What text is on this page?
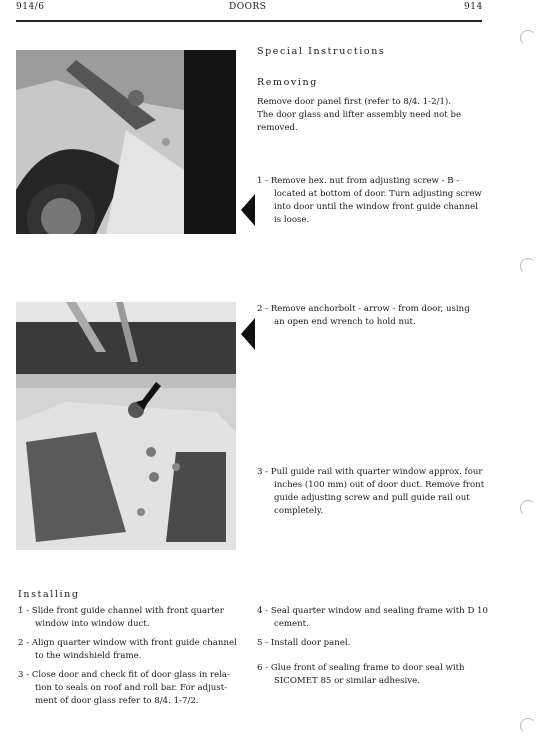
914/6	DOORS	914
Special Instructions
Removing
Remove door panel first (refer to 8/4. 1-2/1).
The door glass and lifter assembly need not be
removed.
1 - Remove hex. nut from adjusting screw - B -
located at bottom of door. Turn adjusting screw
into door until the window front guide channel
is loose.
2 - Remove anchorbolt - arrow - from door, using
an open end wrench to hold nut.
3 - Pull guide rail with quarter window approx. four
inches (100 mm) out of door duct. Remove front
guide adjusting screw and pull guide rail out
completely.
Installing
1 - Slide front guide channel with front quarter
window into window duct.
2 - Align quarter window with front guide channel
to the windshield frame.
3 - Close door and check fit of door glass in rela-
tion to seals on roof and roll bar. For adjust-
ment of door glass refer to 8/4. 1-7/2.
4 - Seal quarter window and sealing frame with D 10
cement.
5 - Install door panel.
6 - Glue front of sealing frame to door seal with
SICOMET 85 or similar adhesive.
